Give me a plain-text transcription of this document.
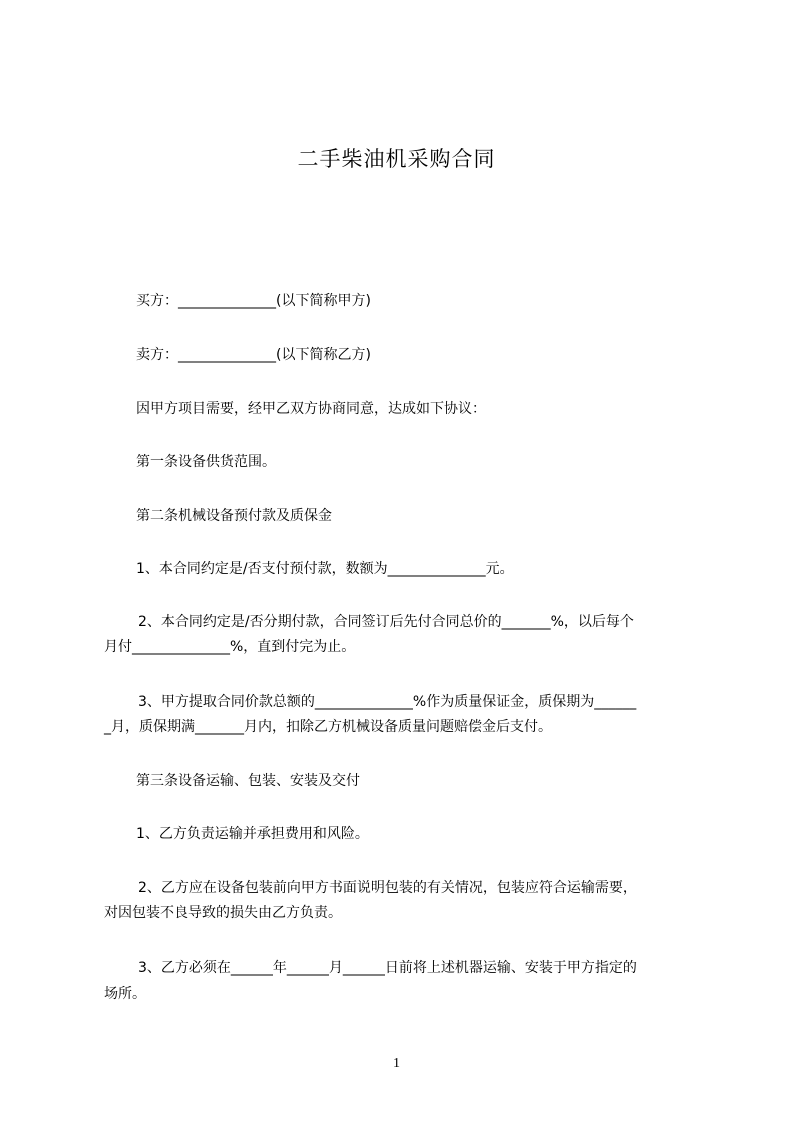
二手柴油机采购合同
买方：______________(以下简称甲方)
卖方：______________(以下简称乙方)
因甲方项目需要，经甲乙双方协商同意，达成如下协议：
第一条设备供货范围。
第二条机械设备预付款及质保金
1、本合同约定是/否支付预付款，数额为______________元。
2、本合同约定是/否分期付款，合同签订后先付合同总价的_______%，以后每个
月付______________%，直到付完为止。
3、甲方提取合同价款总额的______________%作为质量保证金，质保期为______
_月，质保期满_______月内，扣除乙方机械设备质量问题赔偿金后支付。
第三条设备运输、包装、安装及交付
1、乙方负责运输并承担费用和风险。
2、乙方应在设备包装前向甲方书面说明包装的有关情况，包装应符合运输需要，
对因包装不良导致的损失由乙方负责。
3、乙方必须在______年______月______日前将上述机器运输、安装于甲方指定的
场所。
1
